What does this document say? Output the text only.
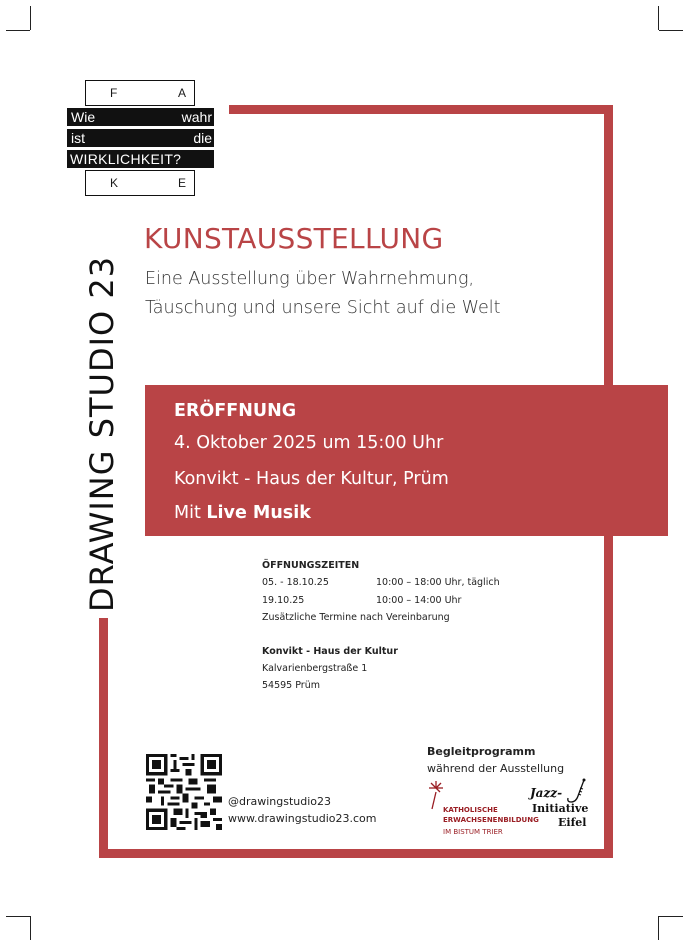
F	A
Wie	wahr
ist	die
WIRKLICHKEIT?
K	E
DRAWING STUDIO 23
KUNSTAUSSTELLUNG
Eine Ausstellung über Wahrnehmung,
Täuschung und unsere Sicht auf die Welt
ERÖFFNUNG
4. Oktober 2025 um 15:00 Uhr
Konvikt - Haus der Kultur, Prüm
Mit Live Musik
ÖFFNUNGSZEITEN
05. - 18.10.25	10:00 – 18:00 Uhr, täglich
19.10.25	10:00 – 14:00 Uhr
Zusätzliche Termine nach Vereinbarung
Konvikt - Haus der Kultur
Kalvarienbergstraße 1
54595 Prüm
@drawingstudio23
www.drawingstudio23.com
Begleitprogramm
während der Ausstellung
KATHOLISCHE
ERWACHSENENBILDUNG
IM BISTUM TRIER
Jazz-
Initiative
Eifel
